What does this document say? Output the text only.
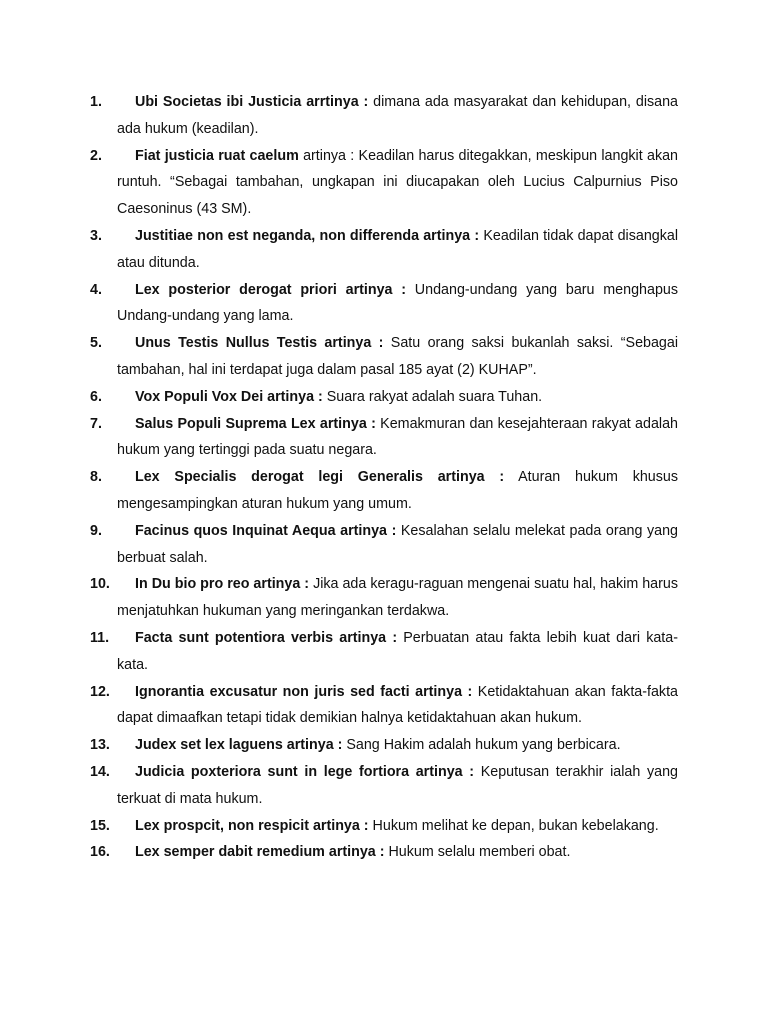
1.	Ubi Societas ibi Justicia arrtinya : dimana ada masyarakat dan kehidupan, disana ada hukum (keadilan).
2.	Fiat justicia ruat caelum artinya : Keadilan harus ditegakkan, meskipun langkit akan runtuh. “Sebagai tambahan, ungkapan ini diucapakan oleh Lucius Calpurnius Piso Caesoninus (43 SM).
3.	Justitiae non est neganda, non differenda artinya : Keadilan tidak dapat disangkal atau ditunda.
4.	Lex posterior derogat priori artinya : Undang-undang yang baru menghapus Undang-undang yang lama.
5.	Unus Testis Nullus Testis artinya : Satu orang saksi bukanlah saksi. “Sebagai tambahan, hal ini terdapat juga dalam pasal 185 ayat (2) KUHAP”.
6.	Vox Populi Vox Dei artinya : Suara rakyat adalah suara Tuhan.
7.	Salus Populi Suprema Lex artinya : Kemakmuran dan kesejahteraan rakyat adalah hukum yang tertinggi pada suatu negara.
8.	Lex Specialis derogat legi Generalis artinya : Aturan hukum khusus mengesampingkan aturan hukum yang umum.
9.	Facinus quos Inquinat Aequa artinya : Kesalahan selalu melekat pada orang yang berbuat salah.
10.	In Du bio pro reo artinya : Jika ada keragu-raguan mengenai suatu hal, hakim harus menjatuhkan hukuman yang meringankan terdakwa.
11.	Facta sunt potentiora verbis artinya : Perbuatan atau fakta lebih kuat dari kata-kata.
12.	Ignorantia excusatur non juris sed facti artinya : Ketidaktahuan akan fakta-fakta dapat dimaafkan tetapi tidak demikian halnya ketidaktahuan akan hukum.
13.	Judex set lex laguens artinya : Sang Hakim adalah hukum yang berbicara.
14.	Judicia poxteriora sunt in lege fortiora artinya : Keputusan terakhir ialah yang terkuat di mata hukum.
15.	Lex prospcit, non respicit artinya : Hukum melihat ke depan, bukan kebelakang.
16.	Lex semper dabit remedium artinya : Hukum selalu memberi obat.
